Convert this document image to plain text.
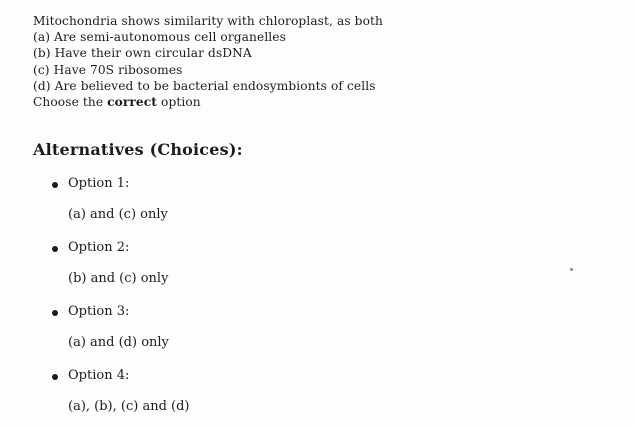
Mitochondria shows similarity with chloroplast, as both
(a) Are semi-autonomous cell organelles
(b) Have their own circular dsDNA
(c) Have 70S ribosomes
(d) Are believed to be bacterial endosymbionts of cells
Choose the correct option
Alternatives (Choices):
Option 1:
(a) and (c) only
Option 2:
(b) and (c) only
Option 3:
(a) and (d) only
Option 4:
(a), (b), (c) and (d)
